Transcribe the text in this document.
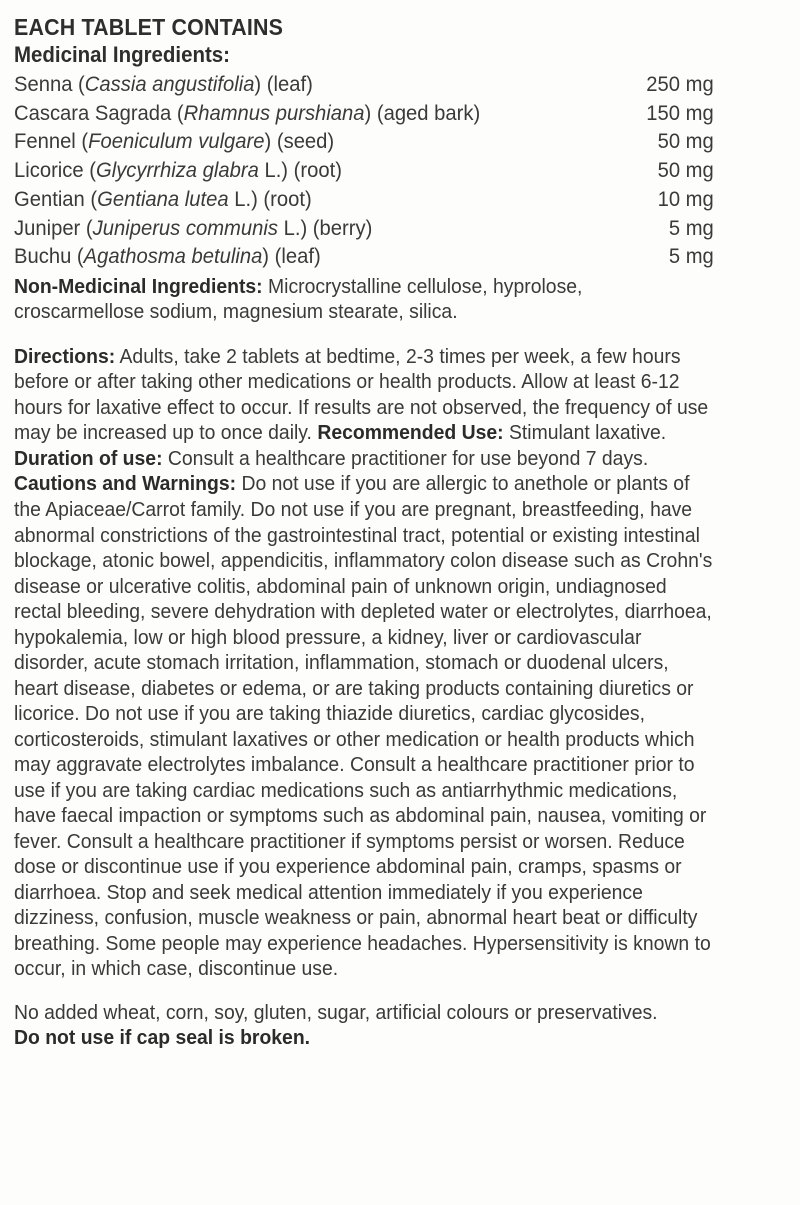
EACH TABLET CONTAINS
Medicinal Ingredients:
Senna (Cassia angustifolia) (leaf)	250 mg
Cascara Sagrada (Rhamnus purshiana) (aged bark)	150 mg
Fennel (Foeniculum vulgare) (seed)	50 mg
Licorice (Glycyrrhiza glabra L.) (root)	50 mg
Gentian (Gentiana lutea L.) (root)	10 mg
Juniper (Juniperus communis L.) (berry)	5 mg
Buchu (Agathosma betulina) (leaf)	5 mg
Non-Medicinal Ingredients: Microcrystalline cellulose, hyprolose, croscarmellose sodium, magnesium stearate, silica.
Directions: Adults, take 2 tablets at bedtime, 2-3 times per week, a few hours before or after taking other medications or health products. Allow at least 6-12 hours for laxative effect to occur. If results are not observed, the frequency of use may be increased up to once daily. Recommended Use: Stimulant laxative.
Duration of use: Consult a healthcare practitioner for use beyond 7 days.
Cautions and Warnings: Do not use if you are allergic to anethole or plants of the Apiaceae/Carrot family. Do not use if you are pregnant, breastfeeding, have abnormal constrictions of the gastrointestinal tract, potential or existing intestinal blockage, atonic bowel, appendicitis, inflammatory colon disease such as Crohn's disease or ulcerative colitis, abdominal pain of unknown origin, undiagnosed rectal bleeding, severe dehydration with depleted water or electrolytes, diarrhoea, hypokalemia, low or high blood pressure, a kidney, liver or cardiovascular disorder, acute stomach irritation, inflammation, stomach or duodenal ulcers, heart disease, diabetes or edema, or are taking products containing diuretics or licorice. Do not use if you are taking thiazide diuretics, cardiac glycosides, corticosteroids, stimulant laxatives or other medication or health products which may aggravate electrolytes imbalance. Consult a healthcare practitioner prior to use if you are taking cardiac medications such as antiarrhythmic medications, have faecal impaction or symptoms such as abdominal pain, nausea, vomiting or fever. Consult a healthcare practitioner if symptoms persist or worsen. Reduce dose or discontinue use if you experience abdominal pain, cramps, spasms or diarrhoea. Stop and seek medical attention immediately if you experience dizziness, confusion, muscle weakness or pain, abnormal heart beat or difficulty breathing. Some people may experience headaches. Hypersensitivity is known to occur, in which case, discontinue use.
No added wheat, corn, soy, gluten, sugar, artificial colours or preservatives.
Do not use if cap seal is broken.
